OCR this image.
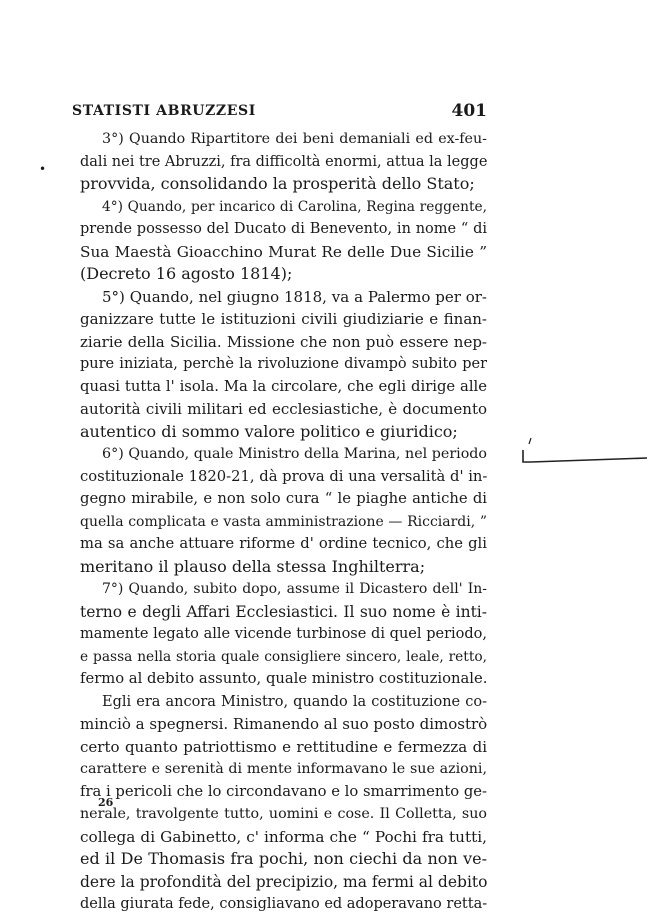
STATISTI ABRUZZESI	401
•
3°) Quando Ripartitore dei beni demaniali ed ex-feu-
dali nei tre Abruzzi, fra difficoltà enormi, attua la legge
provvida, consolidando la prosperità dello Stato;
4°) Quando, per incarico di Carolina, Regina reggente,
prende possesso del Ducato di Benevento, in nome “ di
Sua Maestà Gioacchino Murat Re delle Due Sicilie ”
(Decreto 16 agosto 1814);
5°) Quando, nel giugno 1818, va a Palermo per or-
ganizzare tutte le istituzioni civili giudiziarie e finan-
ziarie della Sicilia. Missione che non può essere nep-
pure iniziata, perchè la rivoluzione divampò subito per
quasi tutta l' isola. Ma la circolare, che egli dirige alle
autorità civili militari ed ecclesiastiche, è documento
autentico di sommo valore politico e giuridico;
6°) Quando, quale Ministro della Marina, nel periodo
costituzionale 1820-21, dà prova di una versalità d' in-
gegno mirabile, e non solo cura “ le piaghe antiche di
quella complicata e vasta amministrazione — Ricciardi, ”
ma sa anche attuare riforme d' ordine tecnico, che gli
meritano il plauso della stessa Inghilterra;
7°) Quando, subito dopo, assume il Dicastero dell' In-
terno e degli Affari Ecclesiastici. Il suo nome è inti-
mamente legato alle vicende turbinose di quel periodo,
e passa nella storia quale consigliere sincero, leale, retto,
fermo al debito assunto, quale ministro costituzionale.
Egli era ancora Ministro, quando la costituzione co-
minciò a spegnersi. Rimanendo al suo posto dimostrò
certo quanto patriottismo e rettitudine e fermezza di
carattere e serenità di mente informavano le sue azioni,
fra i pericoli che lo circondavano e lo smarrimento ge-
nerale, travolgente tutto, uomini e cose. Il Colletta, suo
collega di Gabinetto, c' informa che “ Pochi fra tutti,
ed il De Thomasis fra pochi, non ciechi da non ve-
dere la profondità del precipizio, ma fermi al debito
della giurata fede, consigliavano ed adoperavano retta-
26
